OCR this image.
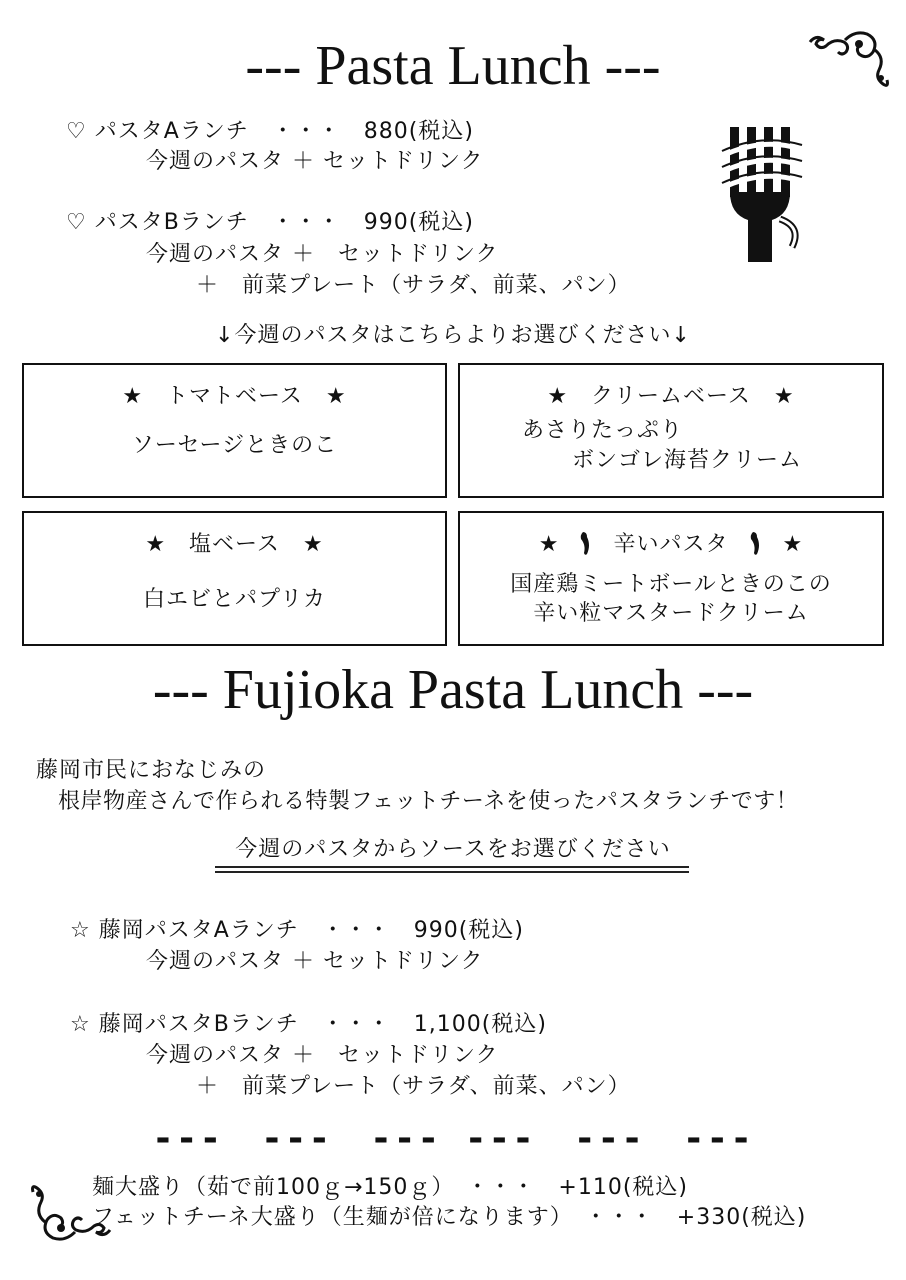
--- Pasta Lunch ---
♡ パスタAランチ　・・・　880(税込)
今週のパスタ ＋ セットドリンク
♡ パスタBランチ　・・・　990(税込)
今週のパスタ ＋　セットドリンク
＋　前菜プレート（サラダ、前菜、パン）
↓今週のパスタはこちらよりお選びください↓
★　トマトベース　★
ソーセージときのこ
★　クリームベース　★
あさりたっぷり
ボンゴレ海苔クリーム
★　塩ベース　★
白エビとパプリカ
★ 辛いパスタ ★
国産鶏ミートボールときのこの
辛い粒マスタードクリーム
--- Fujioka Pasta Lunch ---
藤岡市民におなじみの
根岸物産さんで作られる特製フェットチーネを使ったパスタランチです！
今週のパスタからソースをお選びください
☆ 藤岡パスタAランチ　・・・　990(税込)
今週のパスタ ＋ セットドリンク
☆ 藤岡パスタBランチ　・・・　1,100(税込)
今週のパスタ ＋　セットドリンク
＋　前菜プレート（サラダ、前菜、パン）
---　---　--- ---　---　---
麺大盛り（茹で前100ｇ→150ｇ）　・・・　+110(税込)
フェットチーネ大盛り（生麺が倍になります）　・・・　+330(税込)
